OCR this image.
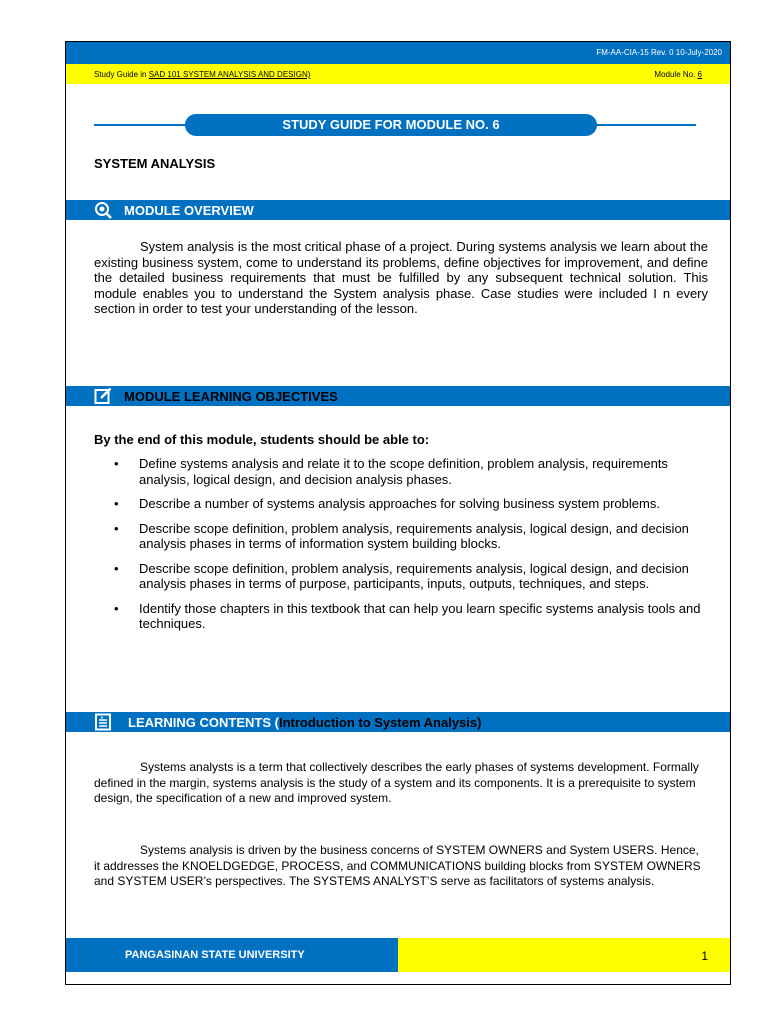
FM-AA-CIA-15 Rev. 0 10-July-2020
Study Guide in SAD 101 SYSTEM ANALYSIS AND DESIGN)	Module No. 6
STUDY GUIDE FOR MODULE NO. 6
SYSTEM ANALYSIS
MODULE OVERVIEW
System analysis is the most critical phase of a project. During systems analysis we learn about the existing business system, come to understand its problems, define objectives for improvement, and define the detailed business requirements that must be fulfilled by any subsequent technical solution. This module enables you to understand the System analysis phase. Case studies were included I n every section in order to test your understanding of the lesson.
MODULE LEARNING OBJECTIVES
By the end of this module, students should be able to:
• Define systems analysis and relate it to the scope definition, problem analysis, requirements analysis, logical design, and decision analysis phases.
• Describe a number of systems analysis approaches for solving business system problems.
• Describe scope definition, problem analysis, requirements analysis, logical design, and decision analysis phases in terms of information system building blocks.
• Describe scope definition, problem analysis, requirements analysis, logical design, and decision analysis phases in terms of purpose, participants, inputs, outputs, techniques, and steps.
• Identify those chapters in this textbook that can help you learn specific systems analysis tools and techniques.
LEARNING CONTENTS (Introduction to System Analysis)
Systems analysts is a term that collectively describes the early phases of systems development. Formally defined in the margin, systems analysis is the study of a system and its components. It is a prerequisite to system design, the specification of a new and improved system.
Systems analysis is driven by the business concerns of SYSTEM OWNERS and System USERS. Hence, it addresses the KNOELDGEDGE, PROCESS, and COMMUNICATIONS building blocks from SYSTEM OWNERS and SYSTEM USER’s perspectives. The SYSTEMS ANALYST’S serve as facilitators of systems analysis.
PANGASINAN STATE UNIVERSITY	1
